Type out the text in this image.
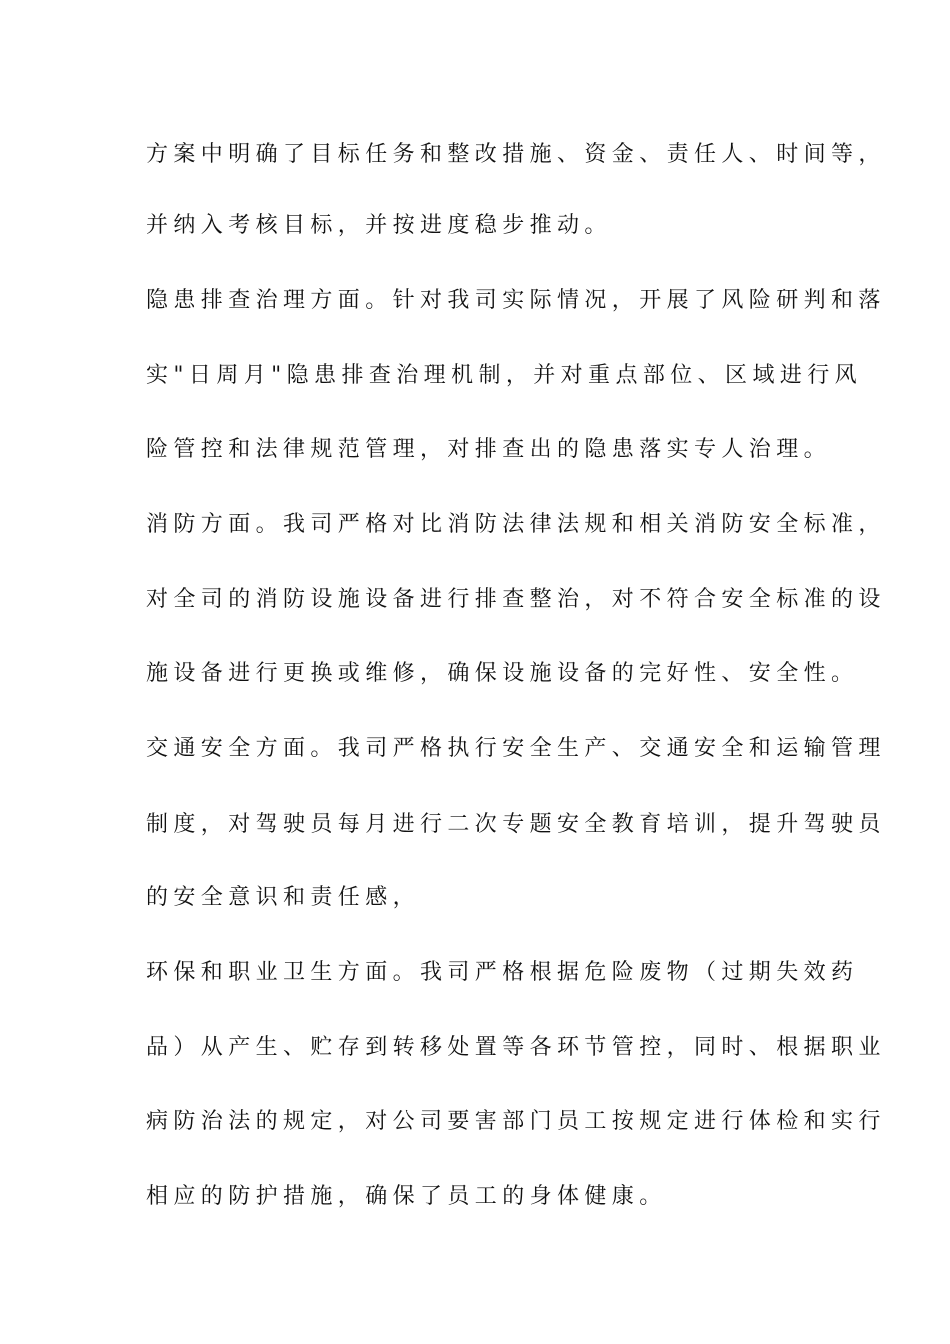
方案中明确了目标任务和整改措施、资金、责任人、时间等，
并纳入考核目标，并按进度稳步推动。
隐患排查治理方面。针对我司实际情况，开展了风险研判和落
实"日周月"隐患排查治理机制，并对重点部位、区域进行风
险管控和法律规范管理，对排查出的隐患落实专人治理。
消防方面。我司严格对比消防法律法规和相关消防安全标准，
对全司的消防设施设备进行排查整治，对不符合安全标准的设
施设备进行更换或维修，确保设施设备的完好性、安全性。
交通安全方面。我司严格执行安全生产、交通安全和运输管理
制度，对驾驶员每月进行二次专题安全教育培训，提升驾驶员
的安全意识和责任感，
环保和职业卫生方面。我司严格根据危险废物（过期失效药
品）从产生、贮存到转移处置等各环节管控，同时、根据职业
病防治法的规定，对公司要害部门员工按规定进行体检和实行
相应的防护措施，确保了员工的身体健康。
